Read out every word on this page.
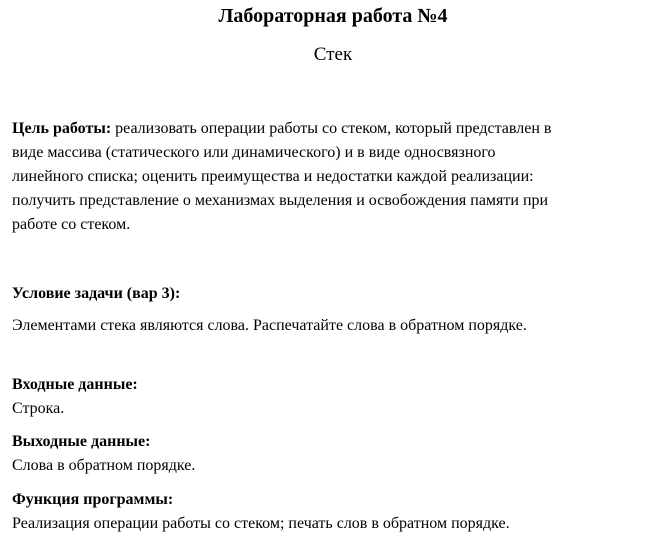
Лабораторная работа №4
Стек
Цель работы: реализовать операции работы со стеком, который представлен в
виде массива (статического или динамического) и в виде односвязного
линейного списка; оценить преимущества и недостатки каждой реализации:
получить представление о механизмах выделения и освобождения памяти при
работе со стеком.
Условие задачи (вар 3):
Элементами стека являются слова. Распечатайте слова в обратном порядке.
Входные данные:
Строка.
Выходные данные:
Слова в обратном порядке.
Функция программы:
Реализация операции работы со стеком; печать слов в обратном порядке.
